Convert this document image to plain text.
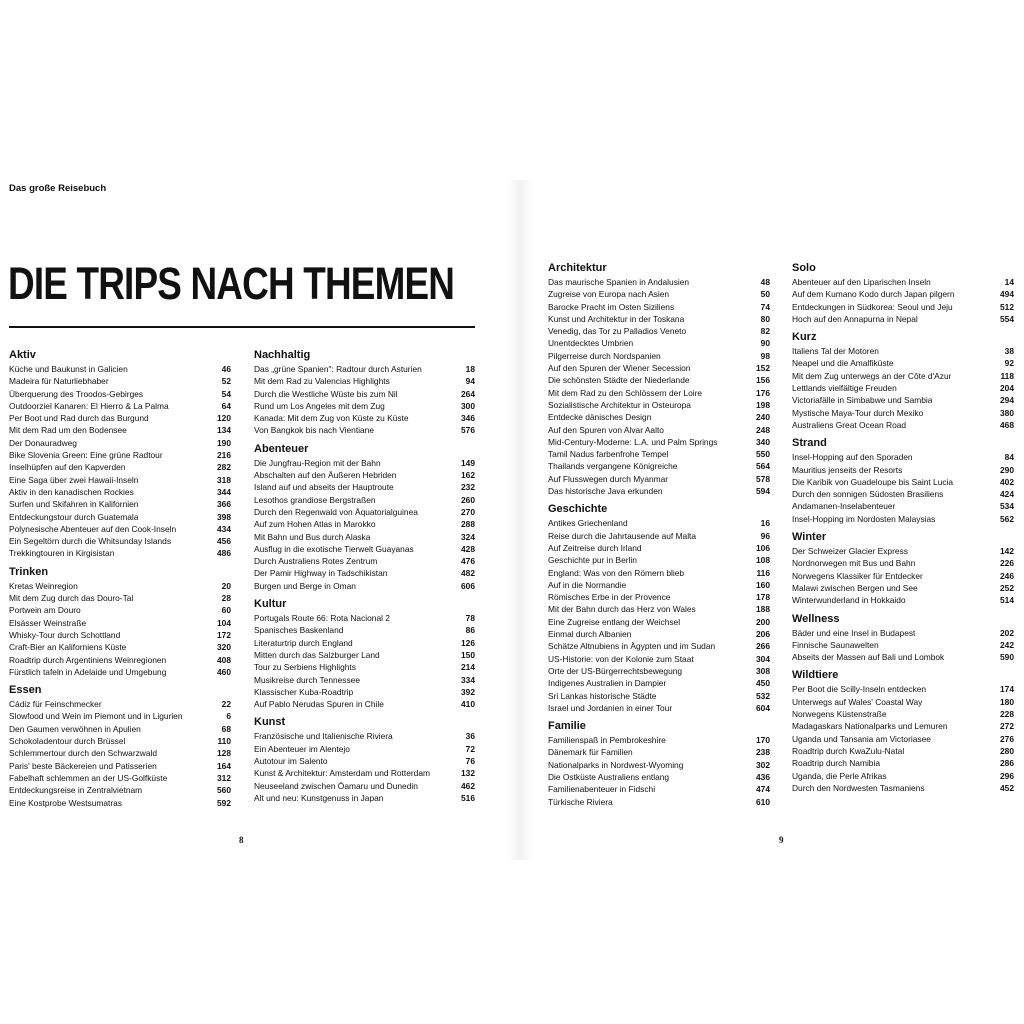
Das große Reisebuch
DIE TRIPS NACH THEMEN
Aktiv
Küche und Baukunst in Galicien	46
Madeira für Naturliebhaber	52
Überquerung des Troodos-Gebirges	54
Outdoorziel Kanaren: El Hierro & La Palma	64
Per Boot und Rad durch das Burgund	120
Mit dem Rad um den Bodensee	134
Der Donauradweg	190
Bike Slovenia Green: Eine grüne Radtour	216
Inselhüpfen auf den Kapverden	282
Eine Saga über zwei Hawaii-Inseln	318
Aktiv in den kanadischen Rockies	344
Surfen und Skifahren in Kalifornien	366
Entdeckungstour durch Guatemala	398
Polynesische Abenteuer auf den Cook-Inseln	434
Ein Segeltörn durch die Whitsunday Islands	456
Trekkingtouren in Kirgisistan	486
Trinken
Kretas Weinregion	20
Mit dem Zug durch das Douro-Tal	28
Portwein am Douro	60
Elsässer Weinstraße	104
Whisky-Tour durch Schottland	172
Craft-Bier an Kaliforniens Küste	320
Roadtrip durch Argentiniens Weinregionen	408
Fürstlich tafeln in Adelaide und Umgebung	460
Essen
Cádiz für Feinschmecker	22
Slowfood und Wein im Piemont und in Ligurien	6
Den Gaumen verwöhnen in Apulien	68
Schokoladentour durch Brüssel	110
Schlemmertour durch den Schwarzwald	128
Paris' beste Bäckereien und Patisserien	164
Fabelhaft schlemmen an der US-Golfküste	312
Entdeckungsreise in Zentralvietnam	560
Eine Kostprobe Westsumatras	592
Nachhaltig
Das „grüne Spanien": Radtour durch Asturien	18
Mit dem Rad zu Valencias Highlights	94
Durch die Westliche Wüste bis zum Nil	264
Rund um Los Angeles mit dem Zug	300
Kanada: Mit dem Zug von Küste zu Küste	346
Von Bangkok bis nach Vientiane	576
Abenteuer
Die Jungfrau-Region mit der Bahn	149
Abschalten auf den Äußeren Hebriden	162
Island auf und abseits der Hauptroute	232
Lesothos grandiose Bergstraßen	260
Durch den Regenwald von Äquatorialguinea	270
Auf zum Hohen Atlas in Marokko	288
Mit Bahn und Bus durch Alaska	324
Ausflug in die exotische Tierwelt Guayanas	428
Durch Australiens Rotes Zentrum	476
Der Pamir Highway in Tadschikistan	482
Burgen und Berge in Oman	606
Kultur
Portugals Route 66: Rota Nacional 2	78
Spanisches Baskenland	86
Literaturtrip durch England	126
Mitten durch das Salzburger Land	150
Tour zu Serbiens Highlights	214
Musikreise durch Tennessee	334
Klassischer Kuba-Roadtrip	392
Auf Pablo Nerudas Spuren in Chile	410
Kunst
Französische und Italienische Riviera	36
Ein Abenteuer im Alentejo	72
Autotour im Salento	76
Kunst & Architektur: Amsterdam und Rotterdam	132
Neuseeland zwischen Ōamaru und Dunedin	462
Alt und neu: Kunstgenuss in Japan	516
Architektur
Das maurische Spanien in Andalusien	48
Zugreise von Europa nach Asien	50
Barocke Pracht im Osten Siziliens	74
Kunst und Architektur in der Toskana	80
Venedig, das Tor zu Palladios Veneto	82
Unentdecktes Umbrien	90
Pilgerreise durch Nordspanien	98
Auf den Spuren der Wiener Secession	152
Die schönsten Städte der Niederlande	156
Mit dem Rad zu den Schlössern der Loire	176
Sozialistische Architektur in Osteuropa	198
Entdecke dänisches Design	240
Auf den Spuren von Alvar Aalto	248
Mid-Century-Moderne: L.A. und Palm Springs	340
Tamil Nadus farbenfrohe Tempel	550
Thailands vergangene Königreiche	564
Auf Flusswegen durch Myanmar	578
Das historische Java erkunden	594
Geschichte
Antikes Griechenland	16
Reise durch die Jahrtausende auf Malta	96
Auf Zeitreise durch Irland	106
Geschichte pur in Berlin	108
England: Was von den Römern blieb	116
Auf in die Normandie	160
Römisches Erbe in der Provence	178
Mit der Bahn durch das Herz von Wales	188
Eine Zugreise entlang der Weichsel	200
Einmal durch Albanien	206
Schätze Altnubiens in Ägypten und im Sudan	266
US-Historie: von der Kolonie zum Staat	304
Orte der US-Bürgerrechtsbewegung	308
Indigenes Australien in Dampier	450
Sri Lankas historische Städte	532
Israel und Jordanien in einer Tour	604
Familie
Familienspaß in Pembrokeshire	170
Dänemark für Familien	238
Nationalparks in Nordwest-Wyoming	302
Die Ostküste Australiens entlang	436
Familienabenteuer in Fidschi	474
Türkische Riviera	610
Solo
Abenteuer auf den Liparischen Inseln	14
Auf dem Kumano Kodo durch Japan pilgern	494
Entdeckungen in Südkorea: Seoul und Jeju	512
Hoch auf den Annapurna in Nepal	554
Kurz
Italiens Tal der Motoren	38
Neapel und die Amalfiküste	92
Mit dem Zug unterwegs an der Côte d'Azur	118
Lettlands vielfältige Freuden	204
Victoriafälle in Simbabwe und Sambia	294
Mystische Maya-Tour durch Mexiko	380
Australiens Great Ocean Road	468
Strand
Insel-Hopping auf den Sporaden	84
Mauritius jenseits der Resorts	290
Die Karibik von Guadeloupe bis Saint Lucia	402
Durch den sonnigen Südosten Brasiliens	424
Andamanen-Inselabenteuer	534
Insel-Hopping im Nordosten Malaysias	562
Winter
Der Schweizer Glacier Express	142
Nordnorwegen mit Bus und Bahn	226
Norwegens Klassiker für Entdecker	246
Malawi zwischen Bergen und See	252
Winterwunderland in Hokkaido	514
Wellness
Bäder und eine Insel in Budapest	202
Finnische Saunawelten	242
Abseits der Massen auf Bali und Lombok	590
Wildtiere
Per Boot die Scilly-Inseln entdecken	174
Unterwegs auf Wales' Coastal Way	180
Norwegens Küstenstraße	228
Madagaskars Nationalparks und Lemuren	272
Uganda und Tansania am Victoriasee	276
Roadtrip durch KwaZulu-Natal	280
Roadtrip durch Namibia	286
Uganda, die Perle Afrikas	296
Durch den Nordwesten Tasmaniens	452
8	9
